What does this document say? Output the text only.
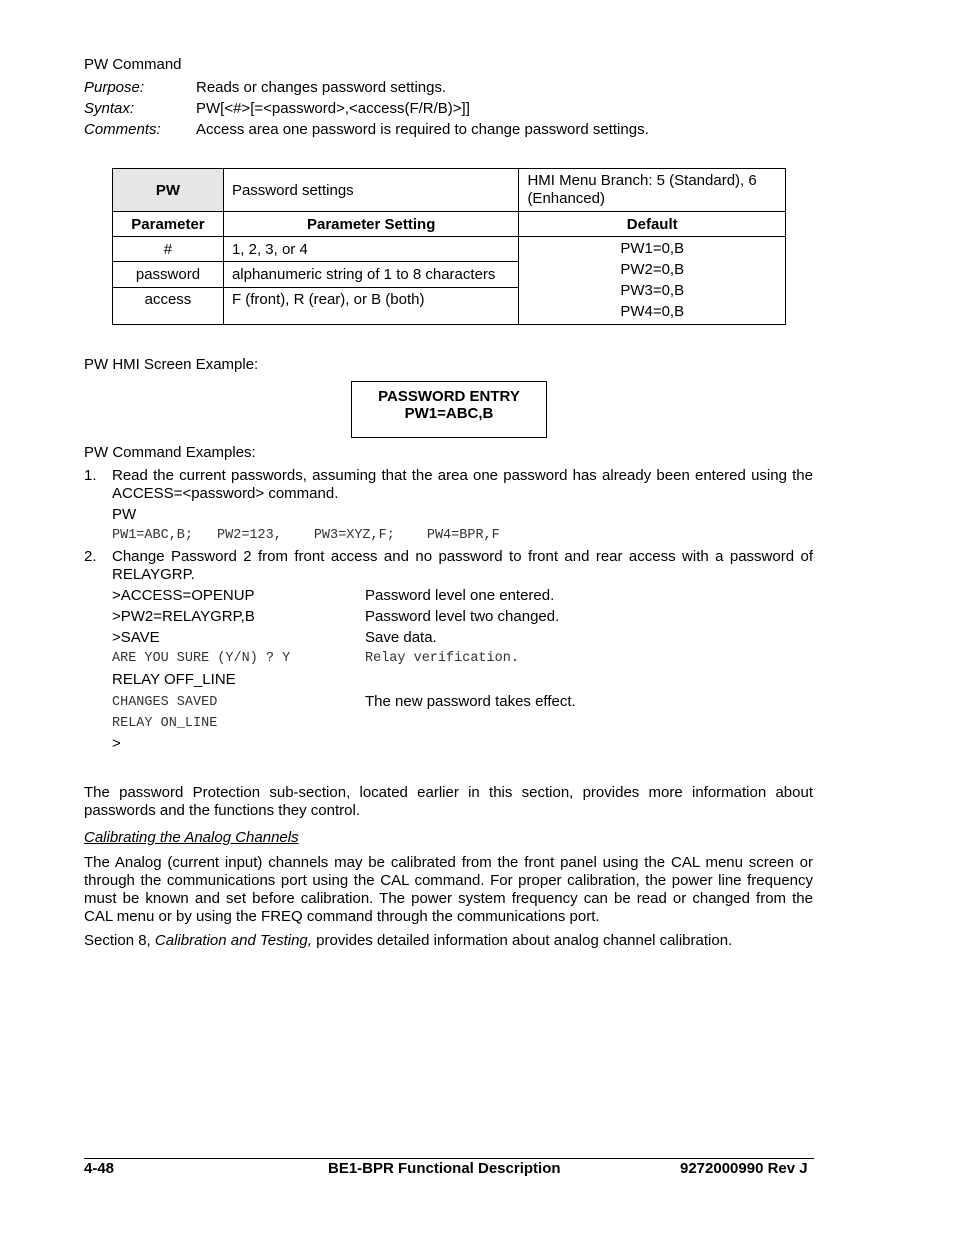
PW Command
Purpose:	Reads or changes password settings.
Syntax:	PW[<#>[=<password>,<access(F/R/B)>]]
Comments: Access area one password is required to change password settings.
PW	Password settings	HMI Menu Branch: 5 (Standard), 6 (Enhanced)
Parameter	Parameter Setting	Default
#	1, 2, 3, or 4	PW1=0,B
PW2=0,B
PW3=0,B
PW4=0,B

password	alphanumeric string of 1 to 8 characters	
access	F (front), R (rear), or B (both)	
PW HMI Screen Example:
PASSWORD ENTRY
PW1=ABC,B
PW Command Examples:
1. Read the current passwords, assuming that the area one password has already been entered using the ACCESS=<password> command.
PW
PW1=ABC,B; PW2=123, PW3=XYZ,F; PW4=BPR,F
2. Change Password 2 from front access and no password to front and rear access with a password of RELAYGRP.
>ACCESS=OPENUP	Password level one entered.
>PW2=RELAYGRP,B	Password level two changed.
>SAVE	Save data.
ARE YOU SURE (Y/N) ? Y	Relay verification.
RELAY OFF_LINE
CHANGES SAVED	The new password takes effect.
RELAY ON_LINE
>
The password Protection sub-section, located earlier in this section, provides more information about passwords and the functions they control.
Calibrating the Analog Channels
The Analog (current input) channels may be calibrated from the front panel using the CAL menu screen or through the communications port using the CAL command. For proper calibration, the power line frequency must be known and set before calibration. The power system frequency can be read or changed from the CAL menu or by using the FREQ command through the communications port.
Section 8, Calibration and Testing, provides detailed information about analog channel calibration.
4-48	BE1-BPR Functional Description	9272000990 Rev J
